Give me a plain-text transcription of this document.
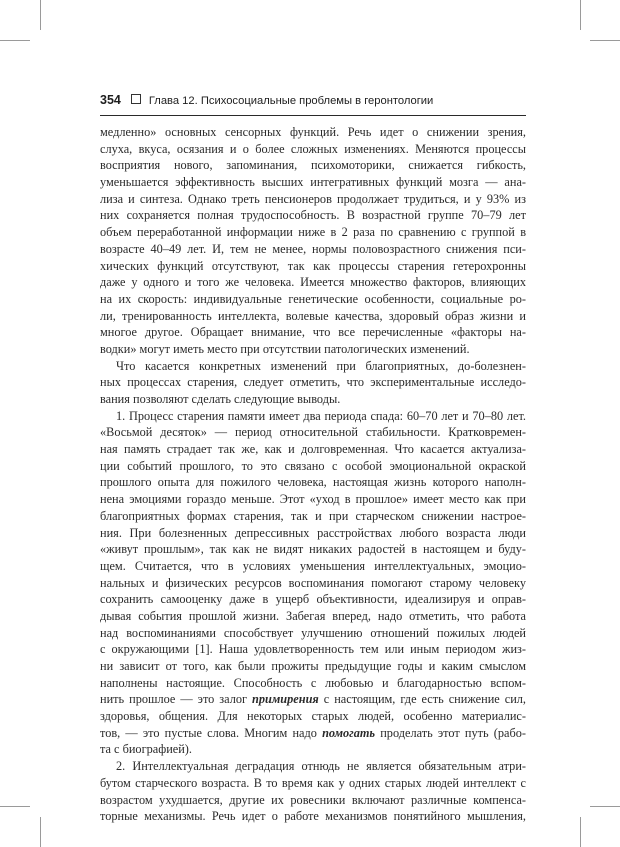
354	Глава 12. Психосоциальные проблемы в геронтологии
медленно» основных сенсорных функций. Речь идет о снижении зрения,
слуха, вкуса, осязания и о более сложных изменениях. Меняются процессы
восприятия нового, запоминания, психомоторики, снижается гибкость,
уменьшается эффективность высших интегративных функций мозга — ана-
лиза и синтеза. Однако треть пенсионеров продолжает трудиться, и у 93% из
них сохраняется полная трудоспособность. В возрастной группе 70–79 лет
объем переработанной информации ниже в 2 раза по сравнению с группой в
возрасте 40–49 лет. И, тем не менее, нормы половозрастного снижения пси-
хических функций отсутствуют, так как процессы старения гетерохронны
даже у одного и того же человека. Имеется множество факторов, влияющих
на их скорость: индивидуальные генетические особенности, социальные ро-
ли, тренированность интеллекта, волевые качества, здоровый образ жизни и
многое другое. Обращает внимание, что все перечисленные «факторы на-
водки» могут иметь место при отсутствии патологических изменений.
Что касается конкретных изменений при благоприятных, до-болезнен-
ных процессах старения, следует отметить, что экспериментальные исследо-
вания позволяют сделать следующие выводы.
1. Процесс старения памяти имеет два периода спада: 60–70 лет и 70–80 лет.
«Восьмой десяток» — период относительной стабильности. Кратковремен-
ная память страдает так же, как и долговременная. Что касается актуализа-
ции событий прошлого, то это связано с особой эмоциональной окраской
прошлого опыта для пожилого человека, настоящая жизнь которого наполн-
нена эмоциями гораздо меньше. Этот «уход в прошлое» имеет место как при
благоприятных формах старения, так и при старческом снижении настрое-
ния. При болезненных депрессивных расстройствах любого возраста люди
«живут прошлым», так как не видят никаких радостей в настоящем и буду-
щем. Считается, что в условиях уменьшения интеллектуальных, эмоцио-
нальных и физических ресурсов воспоминания помогают старому человеку
сохранить самооценку даже в ущерб объективности, идеализируя и оправ-
дывая события прошлой жизни. Забегая вперед, надо отметить, что работа
над воспоминаниями способствует улучшению отношений пожилых людей
с окружающими [1]. Наша удовлетворенность тем или иным периодом жиз-
ни зависит от того, как были прожиты предыдущие годы и каким смыслом
наполнены настоящие. Способность с любовью и благодарностью вспом-
нить прошлое — это залог примирения с настоящим, где есть снижение сил,
здоровья, общения. Для некоторых старых людей, особенно материалис-
тов, — это пустые слова. Многим надо помогать проделать этот путь (рабо-
та с биографией).
2. Интеллектуальная деградация отнюдь не является обязательным атри-
бутом старческого возраста. В то время как у одних старых людей интеллект с
возрастом ухудшается, другие их ровесники включают различные компенса-
торные механизмы. Речь идет о работе механизмов понятийного мышления,
